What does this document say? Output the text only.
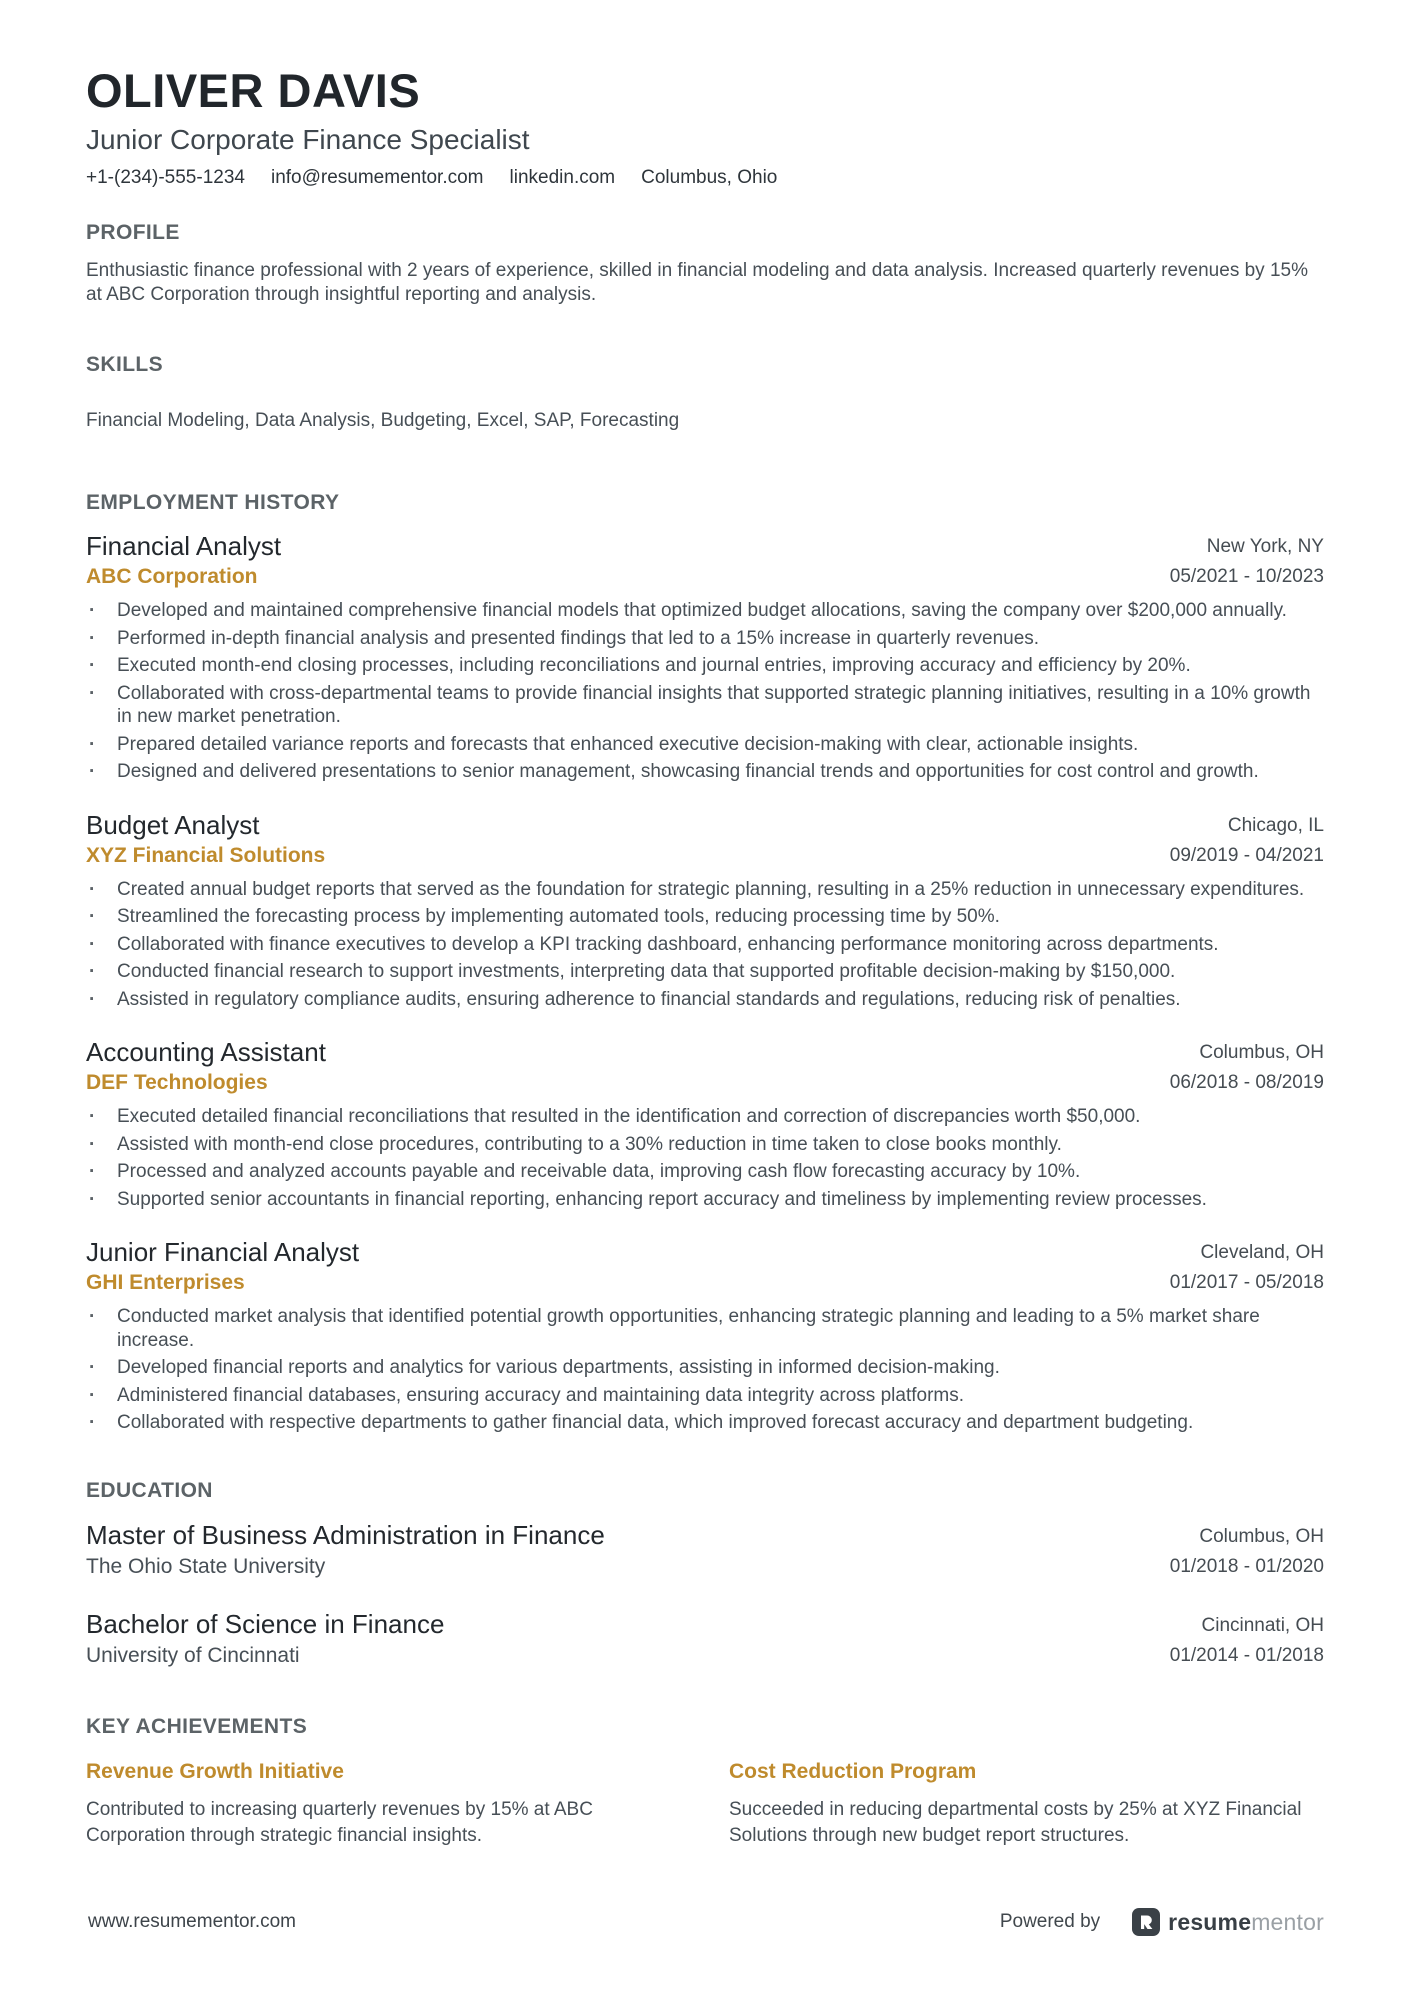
OLIVER DAVIS
Junior Corporate Finance Specialist
+1-(234)-555-1234 info@resumementor.com linkedin.com Columbus, Ohio
PROFILE

Enthusiastic finance professional with 2 years of experience, skilled in financial modeling and data analysis. Increased quarterly revenues by 15% at ABC Corporation through insightful reporting and analysis.

SKILLS

Financial Modeling, Data Analysis, Budgeting, Excel, SAP, Forecasting

EMPLOYMENT HISTORY
Financial Analyst
ABC Corporation
New York, NY
05/2021 - 10/2023
· Developed and maintained comprehensive financial models that optimized budget allocations, saving the company over $200,000 annually.
· Performed in-depth financial analysis and presented findings that led to a 15% increase in quarterly revenues.
· Executed month-end closing processes, including reconciliations and journal entries, improving accuracy and efficiency by 20%.
· Collaborated with cross-departmental teams to provide financial insights that supported strategic planning initiatives, resulting in a 10% growth in new market penetration.
· Prepared detailed variance reports and forecasts that enhanced executive decision-making with clear, actionable insights.
· Designed and delivered presentations to senior management, showcasing financial trends and opportunities for cost control and growth.
Budget Analyst
XYZ Financial Solutions
Chicago, IL
09/2019 - 04/2021
· Created annual budget reports that served as the foundation for strategic planning, resulting in a 25% reduction in unnecessary expenditures.
· Streamlined the forecasting process by implementing automated tools, reducing processing time by 50%.
· Collaborated with finance executives to develop a KPI tracking dashboard, enhancing performance monitoring across departments.
· Conducted financial research to support investments, interpreting data that supported profitable decision-making by $150,000.
· Assisted in regulatory compliance audits, ensuring adherence to financial standards and regulations, reducing risk of penalties.
Accounting Assistant
DEF Technologies
Columbus, OH
06/2018 - 08/2019
· Executed detailed financial reconciliations that resulted in the identification and correction of discrepancies worth $50,000.
· Assisted with month-end close procedures, contributing to a 30% reduction in time taken to close books monthly.
· Processed and analyzed accounts payable and receivable data, improving cash flow forecasting accuracy by 10%.
· Supported senior accountants in financial reporting, enhancing report accuracy and timeliness by implementing review processes.
Junior Financial Analyst
GHI Enterprises
Cleveland, OH
01/2017 - 05/2018
· Conducted market analysis that identified potential growth opportunities, enhancing strategic planning and leading to a 5% market share increase.
· Developed financial reports and analytics for various departments, assisting in informed decision-making.
· Administered financial databases, ensuring accuracy and maintaining data integrity across platforms.
· Collaborated with respective departments to gather financial data, which improved forecast accuracy and department budgeting.
EDUCATION
Master of Business Administration in Finance
The Ohio State University
Columbus, OH
01/2018 - 01/2020
Bachelor of Science in Finance
University of Cincinnati
Cincinnati, OH
01/2014 - 01/2018
KEY ACHIEVEMENTS
Revenue Growth Initiative

Contributed to increasing quarterly revenues by 15% at ABC Corporation through strategic financial insights.

Cost Reduction Program

Succeeded in reducing departmental costs by 25% at XYZ Financial Solutions through new budget report structures.

www.resumementor.com	Powered by	resumementor
